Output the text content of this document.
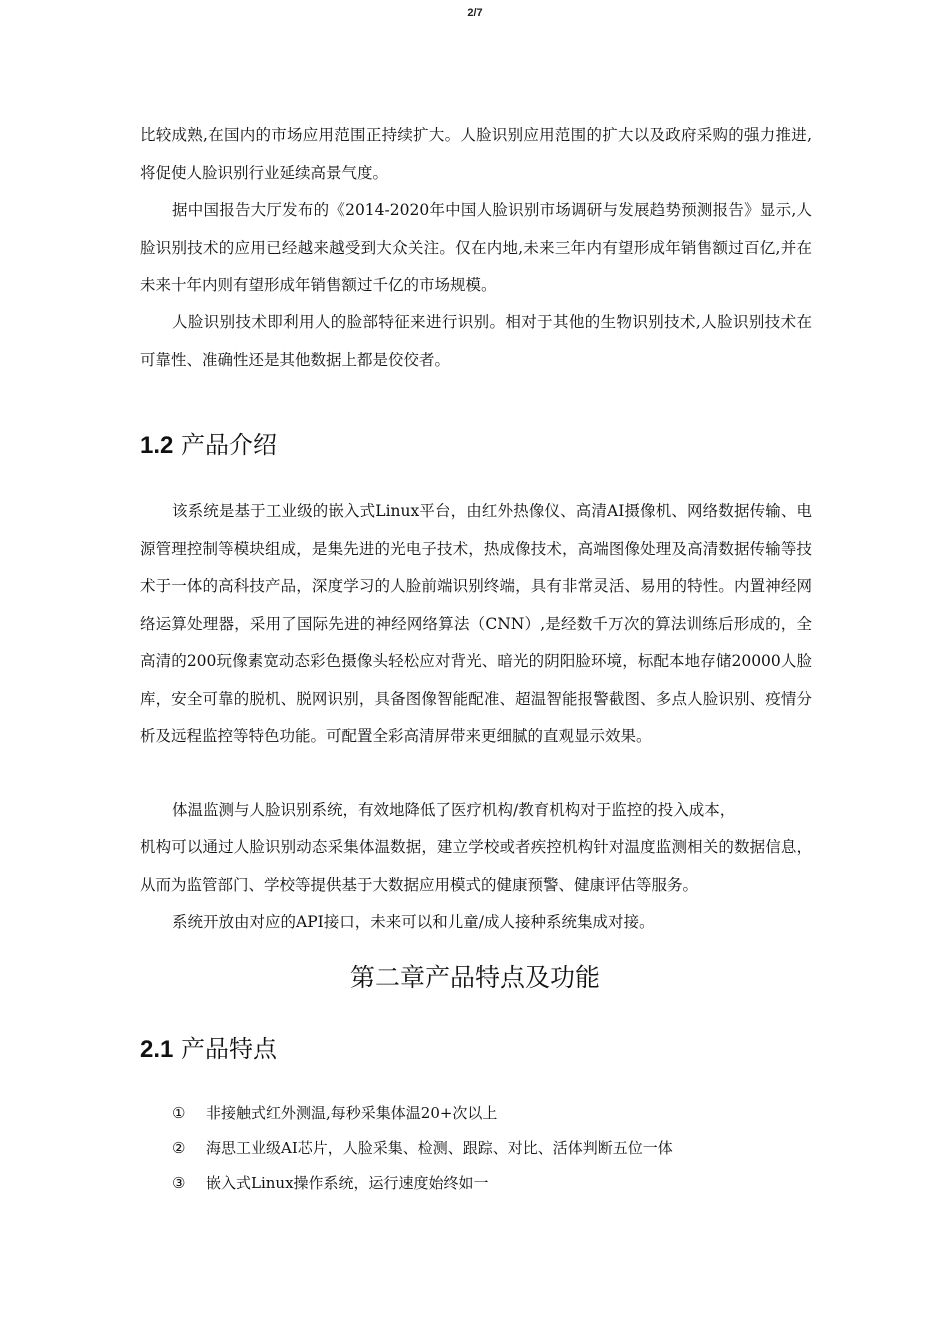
2/7

比较成熟,在国内的市场应用范围正持续扩大。人脸识别应用范围的扩大以及政府采购的强力推进,将促使人脸识别行业延续高景气度。

据中国报告大厅发布的《2014-2020年中国人脸识别市场调研与发展趋势预测报告》显示,人脸识别技术的应用已经越来越受到大众关注。仅在内地,未来三年内有望形成年销售额过百亿,并在未来十年内则有望形成年销售额过千亿的市场规模。

人脸识别技术即利用人的脸部特征来进行识别。相对于其他的生物识别技术,人脸识别技术在可靠性、准确性还是其他数据上都是佼佼者。

1.2 产品介绍

该系统是基于工业级的嵌入式Linux平台，由红外热像仪、高清AI摄像机、网络数据传输、电源管理控制等模块组成，是集先进的光电子技术，热成像技术，高端图像处理及高清数据传输等技术于一体的高科技产品，深度学习的人脸前端识别终端，具有非常灵活、易用的特性。内置神经网络运算处理器，采用了国际先进的神经网络算法（CNN）,是经数千万次的算法训练后形成的，全高清的200玩像素宽动态彩色摄像头轻松应对背光、暗光的阴阳脸环境，标配本地存储20000人脸库，安全可靠的脱机、脱网识别，具备图像智能配准、超温智能报警截图、多点人脸识别、疫情分析及远程监控等特色功能。可配置全彩高清屏带来更细腻的直观显示效果。

体温监测与人脸识别系统，有效地降低了医疗机构/教育机构对于监控的投入成本，

机构可以通过人脸识别动态采集体温数据，建立学校或者疾控机构针对温度监测相关的数据信息，从而为监管部门、学校等提供基于大数据应用模式的健康预警、健康评估等服务。

系统开放由对应的API接口，未来可以和儿童/成人接种系统集成对接。

第二章产品特点及功能
2.1 产品特点
① 非接触式红外测温,每秒采集体温20+次以上
② 海思工业级AI芯片，人脸采集、检测、跟踪、对比、活体判断五位一体
③ 嵌入式Linux操作系统，运行速度始终如一
